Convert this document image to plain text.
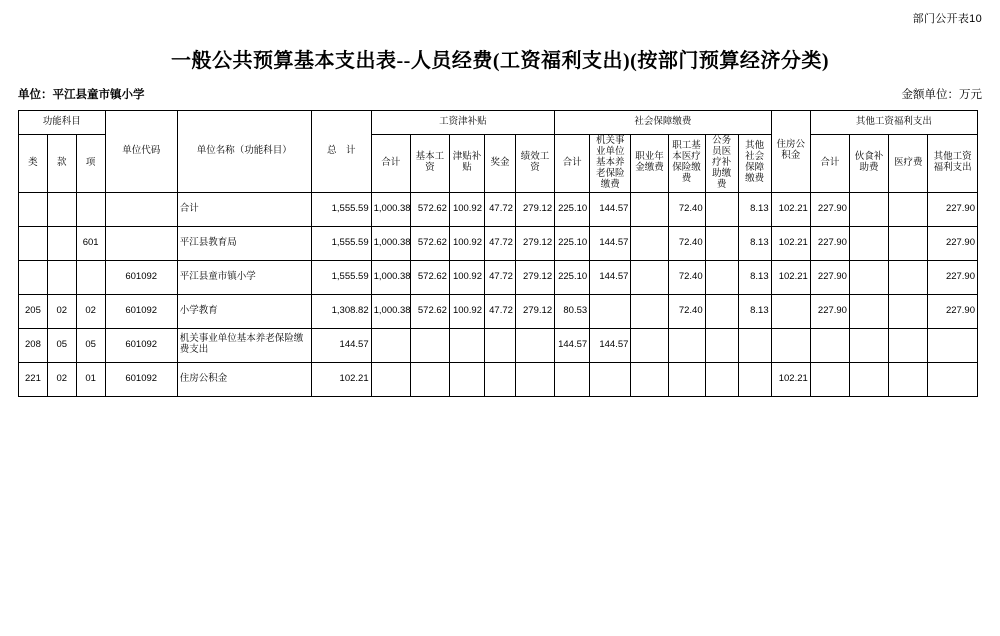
部门公开表10
一般公共预算基本支出表--人员经费(工资福利支出)(按部门预算经济分类)
单位：平江县童市镇小学	金额单位：万元
功能科目			单位代码	单位名称（功能科目）	总　计	工资津补贴					社会保障缴费						住房公积金	其他工资福利支出			
类	款	项				合计	基本工资	津贴补贴	奖金	绩效工资	合计	机关事业单位基本养老保险缴费	职业年金缴费	职工基本医疗保险缴费	公务员医疗补助缴费	其他社会保障缴费		合计	伙食补助费	医疗费	其他工资福利支出
				合计	1,555.59	1,000.38	572.62	100.92	47.72	279.12	225.10	144.57		72.40		8.13	102.21	227.90			227.90
		601		平江县教育局	1,555.59	1,000.38	572.62	100.92	47.72	279.12	225.10	144.57		72.40		8.13	102.21	227.90			227.90
			601092	平江县童市镇小学	1,555.59	1,000.38	572.62	100.92	47.72	279.12	225.10	144.57		72.40		8.13	102.21	227.90			227.90
205	02	02	601092	小学教育	1,308.82	1,000.38	572.62	100.92	47.72	279.12	80.53			72.40		8.13		227.90			227.90
208	05	05	601092	机关事业单位基本养老保险缴费支出	144.57						144.57	144.57									
221	02	01	601092	住房公积金	102.21												102.21				
